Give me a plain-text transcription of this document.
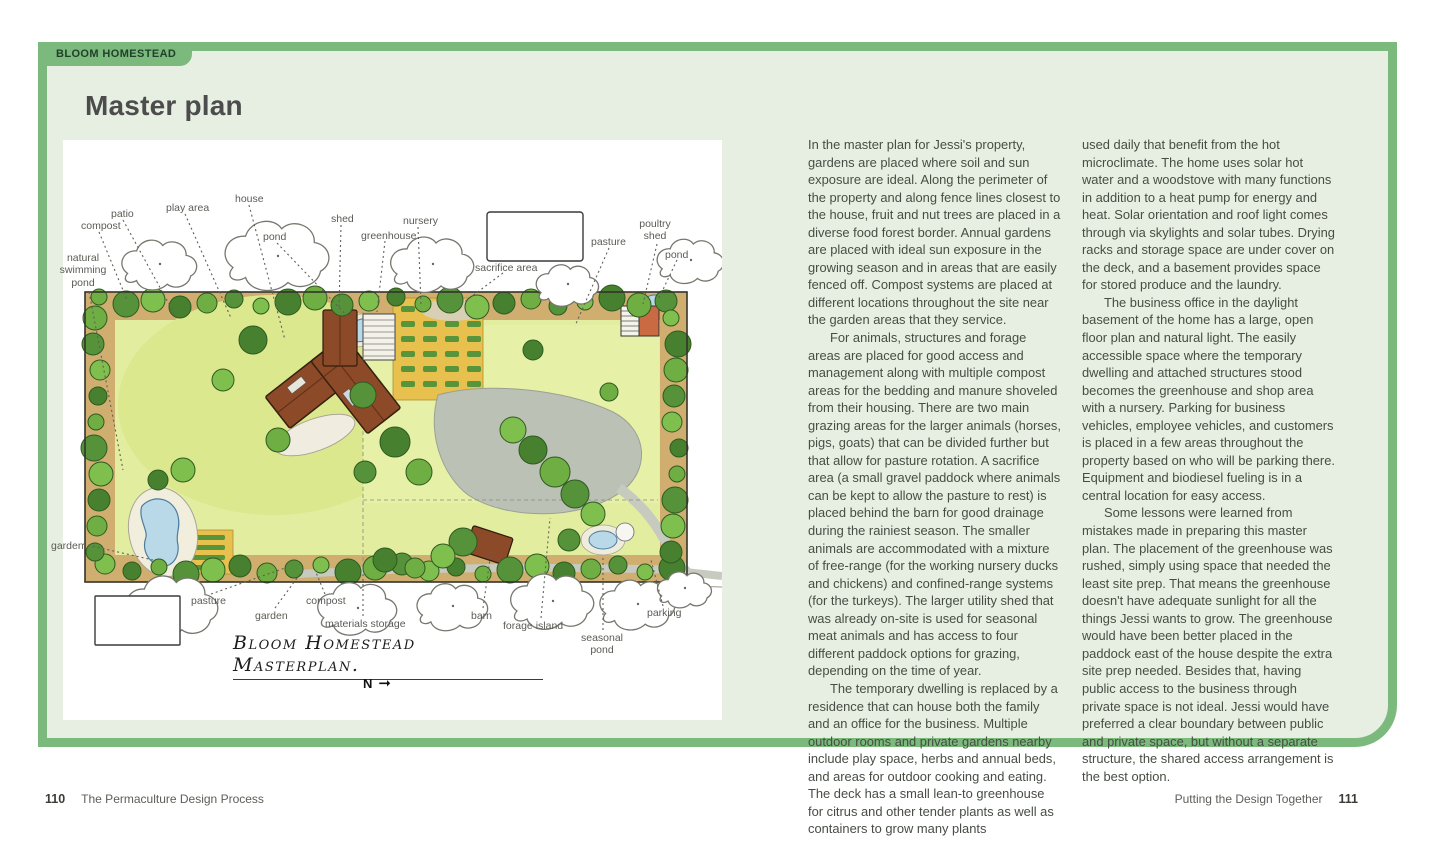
BLOOM HOMESTEAD
Master plan
compost
patio	play area
house
pond
shed
greenhouse
nursery
sacrifice area
pasture
poultry shed
pond
natural swimming pond
garden
pasture
garden
compost
materials storage
barn
forage island
parking
seasonal pond
Bloom Homestead Masterplan.
N ➞

In the master plan for Jessi's property, gardens are placed where soil and sun exposure are ideal. Along the perimeter of the property and along fence lines closest to the house, fruit and nut trees are placed in a diverse food forest border. Annual gardens are placed with ideal sun exposure in the growing season and in areas that are easily fenced off. Compost systems are placed at different locations throughout the site near the garden areas that they service.

For animals, structures and forage areas are placed for good access and management along with multiple compost areas for the bedding and manure shoveled from their housing. There are two main grazing areas for the larger animals (horses, pigs, goats) that can be divided further but that allow for pasture rotation. A sacrifice area (a small gravel paddock where animals can be kept to allow the pasture to rest) is placed behind the barn for good drainage during the rainiest season. The smaller animals are accommodated with a mixture of free-range (for the working nursery ducks and chickens) and confined-range systems (for the turkeys). The larger utility shed that was already on-site is used for seasonal meat animals and has access to four different paddock options for grazing, depending on the time of year.

The temporary dwelling is replaced by a residence that can house both the family and an office for the business. Multiple outdoor rooms and private gardens nearby include play space, herbs and annual beds, and areas for outdoor cooking and eating. The deck has a small lean-to greenhouse for citrus and other tender plants as well as containers to grow many plants

used daily that benefit from the hot microclimate. The home uses solar hot water and a woodstove with many functions in addition to a heat pump for energy and heat. Solar orientation and roof light comes through via skylights and solar tubes. Drying racks and storage space are under cover on the deck, and a basement provides space for stored produce and the laundry.

The business office in the daylight basement of the home has a large, open floor plan and natural light. The easily accessible space where the temporary dwelling and attached structures stood becomes the greenhouse and shop area with a nursery. Parking for business vehicles, employee vehicles, and customers is placed in a few areas throughout the property based on who will be parking there. Equipment and biodiesel fueling is in a central location for easy access.

Some lessons were learned from mistakes made in preparing this master plan. The placement of the greenhouse was rushed, simply using space that needed the least site prep. That means the greenhouse doesn't have adequate sunlight for all the things Jessi wants to grow. The greenhouse would have been better placed in the paddock east of the house despite the extra site prep needed. Besides that, having public access to the business through private space is not ideal. Jessi would have preferred a clear boundary between public and private space, but without a separate structure, the shared access arrangement is the best option.

110 The Permaculture Design Process	Putting the Design Together 111
